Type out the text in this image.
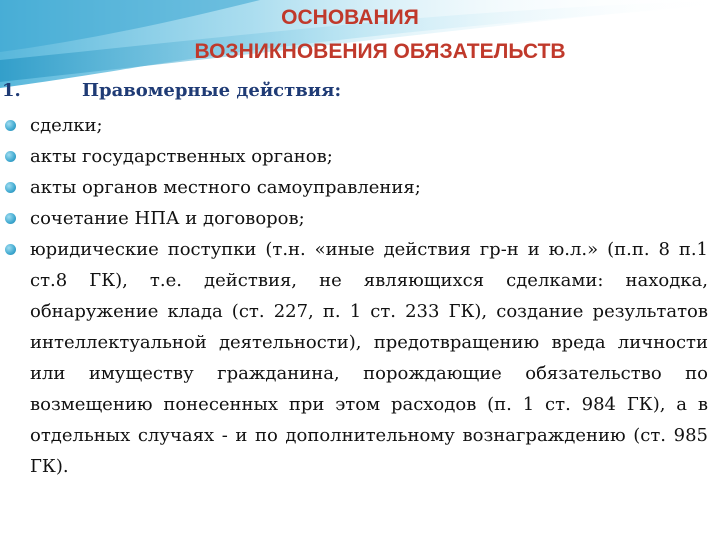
ОСНОВАНИЯ
ВОЗНИКНОВЕНИЯ ОБЯЗАТЕЛЬСТВ
1.	Правомерные действия:
сделки;
акты государственных органов;
акты органов местного самоуправления;
сочетание НПА и договоров;
юридические поступки (т.н. «иные действия гр-н и ю.л.» (п.п. 8 п.1 ст.8 ГК), т.е. действия, не являющихся сделками: находка, обнаружение клада (ст. 227, п. 1 ст. 233 ГК), создание результатов интеллектуальной деятельности), предотвращению вреда личности или имуществу гражданина, порождающие обязательство по возмещению понесенных при этом расходов (п. 1 ст. 984 ГК), а в отдельных случаях - и по дополнительному вознаграждению (ст. 985 ГК).
